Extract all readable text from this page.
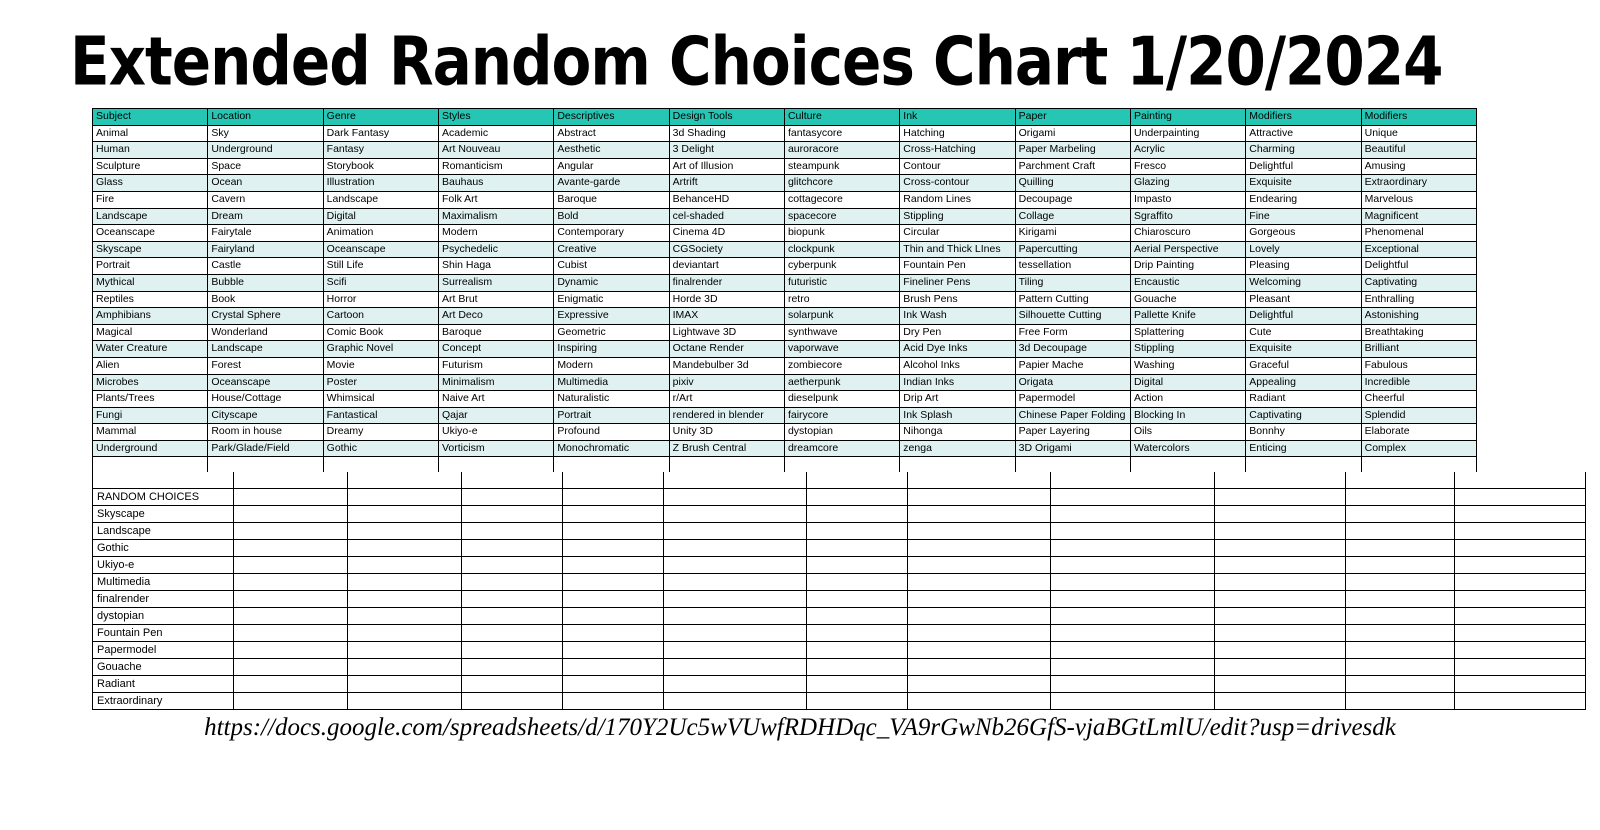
Extended Random Choices Chart 1/20/2024
Subject	Location	Genre	Styles	Descriptives	Design Tools	Culture	Ink	Paper	Painting	Modifiers	Modifiers
Animal	Sky	Dark Fantasy	Academic	Abstract	3d Shading	fantasycore	Hatching	Origami	Underpainting	Attractive	Unique
Human	Underground	Fantasy	Art Nouveau	Aesthetic	3 Delight	auroracore	Cross-Hatching	Paper Marbeling	Acrylic	Charming	Beautiful
Sculpture	Space	Storybook	Romanticism	Angular	Art of Illusion	steampunk	Contour	Parchment Craft	Fresco	Delightful	Amusing
Glass	Ocean	Illustration	Bauhaus	Avante-garde	Artrift	glitchcore	Cross-contour	Quilling	Glazing	Exquisite	Extraordinary
Fire	Cavern	Landscape	Folk Art	Baroque	BehanceHD	cottagecore	Random Lines	Decoupage	Impasto	Endearing	Marvelous
Landscape	Dream	Digital	Maximalism	Bold	cel-shaded	spacecore	Stippling	Collage	Sgraffito	Fine	Magnificent
Oceanscape	Fairytale	Animation	Modern	Contemporary	Cinema 4D	biopunk	Circular	Kirigami	Chiaroscuro	Gorgeous	Phenomenal
Skyscape	Fairyland	Oceanscape	Psychedelic	Creative	CGSociety	clockpunk	Thin and Thick LInes	Papercutting	Aerial Perspective	Lovely	Exceptional
Portrait	Castle	Still Life	Shin Haga	Cubist	deviantart	cyberpunk	Fountain Pen	tessellation	Drip Painting	Pleasing	Delightful
Mythical	Bubble	Scifi	Surrealism	Dynamic	finalrender	futuristic	Fineliner Pens	Tiling	Encaustic	Welcoming	Captivating
Reptiles	Book	Horror	Art Brut	Enigmatic	Horde 3D	retro	Brush Pens	Pattern Cutting	Gouache	Pleasant	Enthralling
Amphibians	Crystal Sphere	Cartoon	Art Deco	Expressive	IMAX	solarpunk	Ink Wash	Silhouette Cutting	Pallette Knife	Delightful	Astonishing
Magical	Wonderland	Comic Book	Baroque	Geometric	Lightwave 3D	synthwave	Dry Pen	Free Form	Splattering	Cute	Breathtaking
Water Creature	Landscape	Graphic Novel	Concept	Inspiring	Octane Render	vaporwave	Acid Dye Inks	3d Decoupage	Stippling	Exquisite	Brilliant
Alien	Forest	Movie	Futurism	Modern	Mandebulber 3d	zombiecore	Alcohol Inks	Papier Mache	Washing	Graceful	Fabulous
Microbes	Oceanscape	Poster	Minimalism	Multimedia	pixiv	aetherpunk	Indian Inks	Origata	Digital	Appealing	Incredible
Plants/Trees	House/Cottage	Whimsical	Naive Art	Naturalistic	r/Art	dieselpunk	Drip Art	Papermodel	Action	Radiant	Cheerful
Fungi	Cityscape	Fantastical	Qajar	Portrait	rendered in blender	fairycore	Ink Splash	Chinese Paper Folding	Blocking In	Captivating	Splendid
Mammal	Room in house	Dreamy	Ukiyo-e	Profound	Unity 3D	dystopian	Nihonga	Paper Layering	Oils	Bonnhy	Elaborate
Underground	Park/Glade/Field	Gothic	Vorticism	Monochromatic	Z Brush Central	dreamcore	zenga	3D Origami	Watercolors	Enticing	Complex

RANDOM CHOICES											
Skyscape											
Landscape											
Gothic											
Ukiyo-e											
Multimedia											
finalrender											
dystopian											
Fountain Pen											
Papermodel											
Gouache											
Radiant											
Extraordinary											
https://docs.google.com/spreadsheets/d/170Y2Uc5wVUwfRDHDqc_VA9rGwNb26GfS-vjaBGtLmlU/edit?usp=drivesdk
